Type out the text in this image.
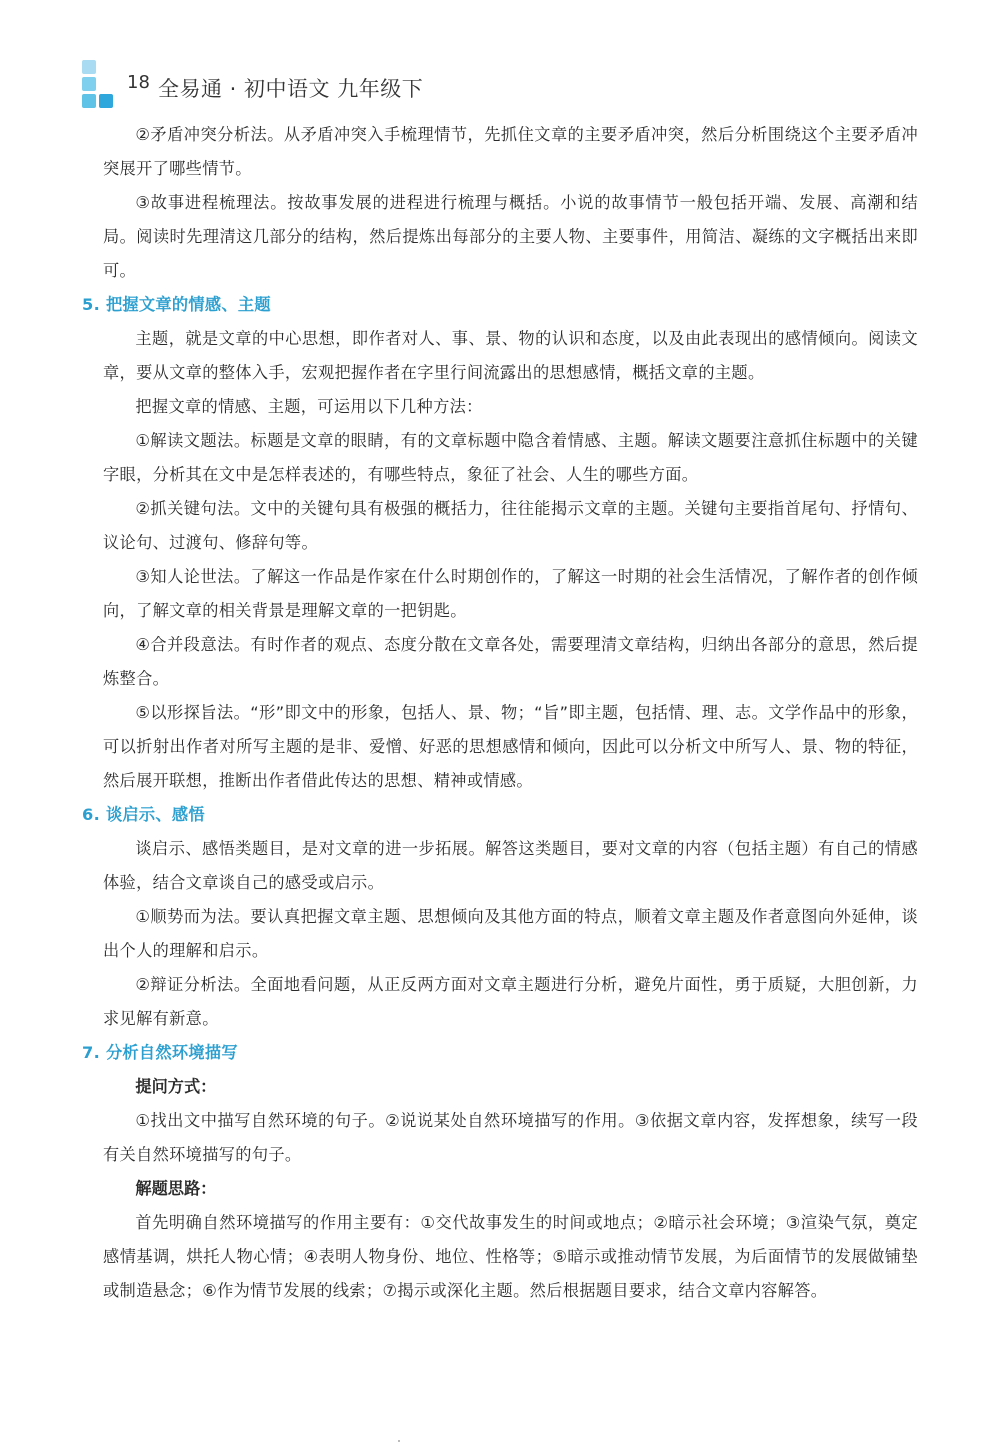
18 全易通 · 初中语文 九年级下

②矛盾冲突分析法。从矛盾冲突入手梳理情节，先抓住文章的主要矛盾冲突，然后分析围绕这个主要矛盾冲突展开了哪些情节。

③故事进程梳理法。按故事发展的进程进行梳理与概括。小说的故事情节一般包括开端、发展、高潮和结局。阅读时先理清这几部分的结构，然后提炼出每部分的主要人物、主要事件，用简洁、凝练的文字概括出来即可。

5. 把握文章的情感、主题

主题，就是文章的中心思想，即作者对人、事、景、物的认识和态度，以及由此表现出的感情倾向。阅读文章，要从文章的整体入手，宏观把握作者在字里行间流露出的思想感情，概括文章的主题。

把握文章的情感、主题，可运用以下几种方法：

①解读文题法。标题是文章的眼睛，有的文章标题中隐含着情感、主题。解读文题要注意抓住标题中的关键字眼，分析其在文中是怎样表述的，有哪些特点，象征了社会、人生的哪些方面。

②抓关键句法。文中的关键句具有极强的概括力，往往能揭示文章的主题。关键句主要指首尾句、抒情句、议论句、过渡句、修辞句等。

③知人论世法。了解这一作品是作家在什么时期创作的，了解这一时期的社会生活情况，了解作者的创作倾向，了解文章的相关背景是理解文章的一把钥匙。

④合并段意法。有时作者的观点、态度分散在文章各处，需要理清文章结构，归纳出各部分的意思，然后提炼整合。

⑤以形探旨法。“形”即文中的形象，包括人、景、物；“旨”即主题，包括情、理、志。文学作品中的形象，可以折射出作者对所写主题的是非、爱憎、好恶的思想感情和倾向，因此可以分析文中所写人、景、物的特征，然后展开联想，推断出作者借此传达的思想、精神或情感。

6. 谈启示、感悟

谈启示、感悟类题目，是对文章的进一步拓展。解答这类题目，要对文章的内容（包括主题）有自己的情感体验，结合文章谈自己的感受或启示。

①顺势而为法。要认真把握文章主题、思想倾向及其他方面的特点，顺着文章主题及作者意图向外延伸，谈出个人的理解和启示。

②辩证分析法。全面地看问题，从正反两方面对文章主题进行分析，避免片面性，勇于质疑，大胆创新，力求见解有新意。

7. 分析自然环境描写

提问方式：

①找出文中描写自然环境的句子。②说说某处自然环境描写的作用。③依据文章内容，发挥想象，续写一段有关自然环境描写的句子。

解题思路：

首先明确自然环境描写的作用主要有：①交代故事发生的时间或地点；②暗示社会环境；③渲染气氛，奠定感情基调，烘托人物心情；④表明人物身份、地位、性格等；⑤暗示或推动情节发展，为后面情节的发展做铺垫或制造悬念；⑥作为情节发展的线索；⑦揭示或深化主题。然后根据题目要求，结合文章内容解答。
